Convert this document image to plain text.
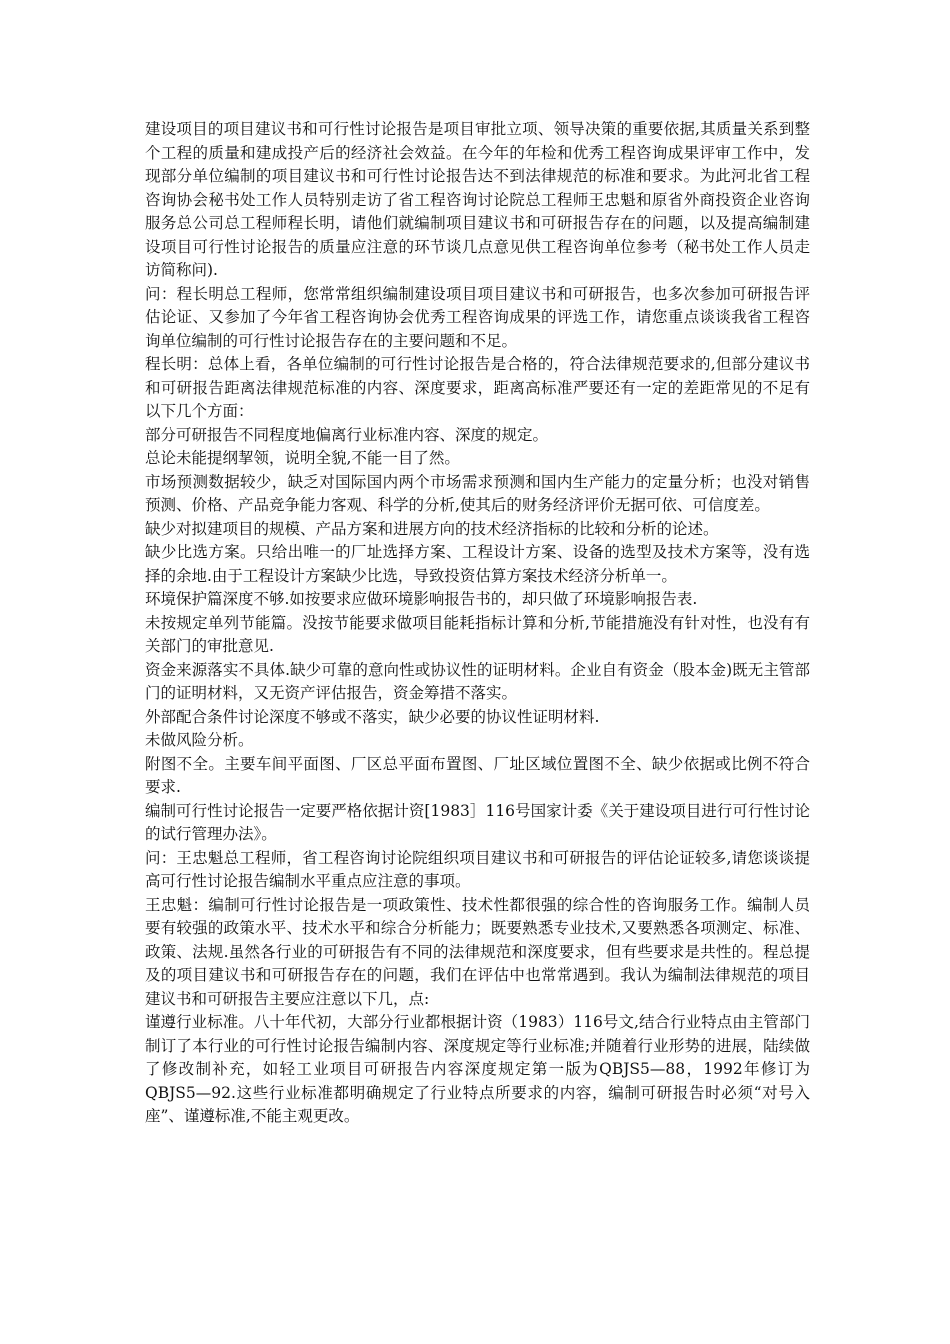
建设项目的项目建议书和可行性讨论报告是项目审批立项、领导决策的重要依据,其质量关系到整个工程的质量和建成投产后的经济社会效益。在今年的年检和优秀工程咨询成果评审工作中，发现部分单位编制的项目建议书和可行性讨论报告达不到法律规范的标准和要求。为此河北省工程咨询协会秘书处工作人员特别走访了省工程咨询讨论院总工程师王忠魁和原省外商投资企业咨询服务总公司总工程师程长明，请他们就编制项目建议书和可研报告存在的问题，以及提高编制建设项目可行性讨论报告的质量应注意的环节谈几点意见供工程咨询单位参考（秘书处工作人员走访简称问).

问：程长明总工程师，您常常组织编制建设项目项目建议书和可研报告，也多次参加可研报告评估论证、又参加了今年省工程咨询协会优秀工程咨询成果的评选工作，请您重点谈谈我省工程咨询单位编制的可行性讨论报告存在的主要问题和不足。

程长明：总体上看，各单位编制的可行性讨论报告是合格的，符合法律规范要求的,但部分建议书和可研报告距离法律规范标准的内容、深度要求，距离高标准严要还有一定的差距常见的不足有以下几个方面：

部分可研报告不同程度地偏离行业标准内容、深度的规定。

总论未能提纲挈领，说明全貌,不能一目了然。

市场预测数据较少，缺乏对国际国内两个市场需求预测和国内生产能力的定量分析；也没对销售预测、价格、产品竞争能力客观、科学的分析,使其后的财务经济评价无据可依、可信度差。

缺少对拟建项目的规模、产品方案和进展方向的技术经济指标的比较和分析的论述。

缺少比选方案。只给出唯一的厂址选择方案、工程设计方案、设备的选型及技术方案等，没有选择的余地.由于工程设计方案缺少比选，导致投资估算方案技术经济分析单一。

环境保护篇深度不够.如按要求应做环境影响报告书的，却只做了环境影响报告表.

未按规定单列节能篇。没按节能要求做项目能耗指标计算和分析,节能措施没有针对性，也没有有关部门的审批意见.

资金来源落实不具体.缺少可靠的意向性或协议性的证明材料。企业自有资金（股本金)既无主管部门的证明材料，又无资产评估报告，资金筹措不落实。

外部配合条件讨论深度不够或不落实，缺少必要的协议性证明材料.

未做风险分析。

附图不全。主要车间平面图、厂区总平面布置图、厂址区域位置图不全、缺少依据或比例不符合要求.

编制可行性讨论报告一定要严格依据计资[1983］116号国家计委《关于建设项目进行可行性讨论的试行管理办法》。

问：王忠魁总工程师，省工程咨询讨论院组织项目建议书和可研报告的评估论证较多,请您谈谈提高可行性讨论报告编制水平重点应注意的事项。

王忠魁：编制可行性讨论报告是一项政策性、技术性都很强的综合性的咨询服务工作。编制人员要有较强的政策水平、技术水平和综合分析能力；既要熟悉专业技术,又要熟悉各项测定、标准、政策、法规.虽然各行业的可研报告有不同的法律规范和深度要求，但有些要求是共性的。程总提及的项目建议书和可研报告存在的问题，我们在评估中也常常遇到。我认为编制法律规范的项目建议书和可研报告主要应注意以下几，点:

谨遵行业标准。八十年代初，大部分行业都根据计资（1983）116号文,结合行业特点由主管部门制订了本行业的可行性讨论报告编制内容、深度规定等行业标准;并随着行业形势的进展，陆续做了修改制补充，如轻工业项目可研报告内容深度规定第一版为QBJS5—88，1992年修订为QBJS5—92.这些行业标准都明确规定了行业特点所要求的内容，编制可研报告时必须“对号入座”、谨遵标准,不能主观更改。
